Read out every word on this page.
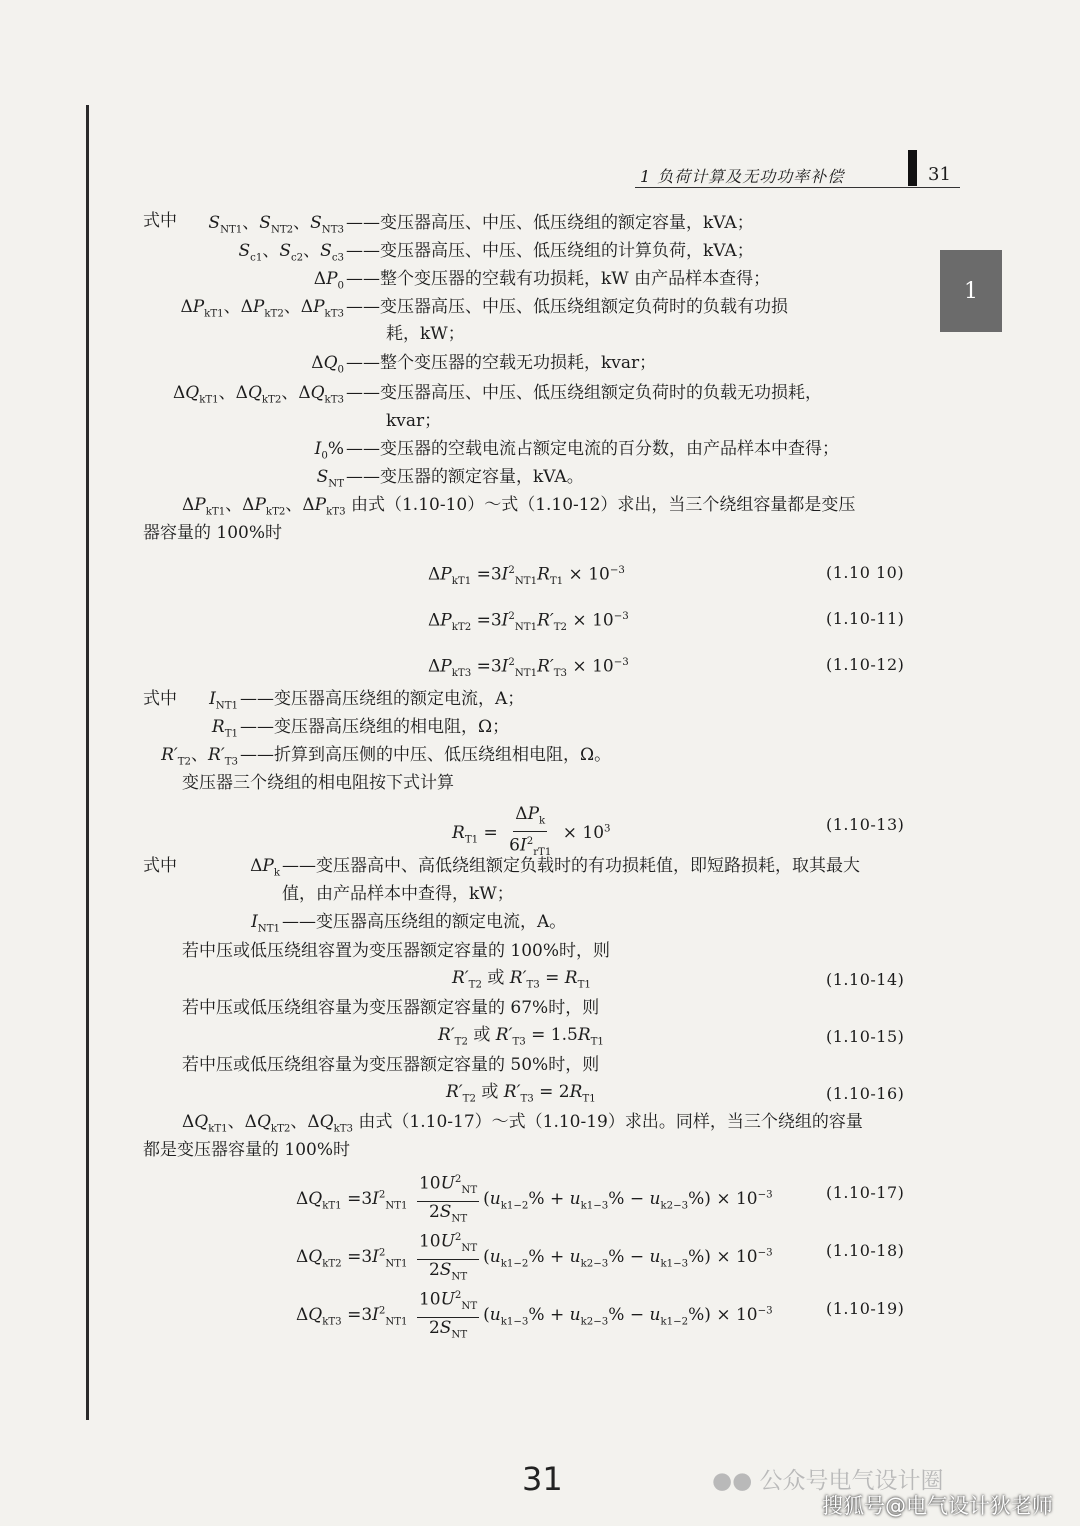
1 负荷计算及无功功率补偿	31
1
式中 $S_{NT1}$、$S_{NT2}$、$S_{NT3}$ ——变压器高压、中压、低压绕组的额定容量，kVA；
$S_{c1}$、$S_{c2}$、$S_{c3}$ ——变压器高压、中压、低压绕组的计算负荷，kVA；
$\Delta P_0$ ——整个变压器的空载有功损耗，kW 由产品样本查得；
$\Delta P_{kT1}$、$\Delta P_{kT2}$、$\Delta P_{kT3}$ ——变压器高压、中压、低压绕组额定负荷时的负载有功损
耗，kW；
$\Delta Q_0$ ——整个变压器的空载无功损耗，kvar；
$\Delta Q_{kT1}$、$\Delta Q_{kT2}$、$\Delta Q_{kT3}$ ——变压器高压、中压、低压绕组额定负荷时的负载无功损耗，
kvar；
$I_0\%$ ——变压器的空载电流占额定电流的百分数，由产品样本中查得；
$S_{NT}$ ——变压器的额定容量，kVA。
$\Delta P_{kT1}$、$\Delta P_{kT2}$、$\Delta P_{kT3}$ 由式（1.10-10）～式（1.10-12）求出，当三个绕组容量都是变压
器容量的 100%时
$\Delta P_{kT1} =3I^2_{NT1}R_{T1} \times 10^{-3}$	(1.10 10)
$\Delta P_{kT2} =3I^2_{NT1}R'_{T2} \times 10^{-3}$	(1.10-11)
$\Delta P_{kT3} =3I^2_{NT1}R'_{T3} \times 10^{-3}$	(1.10-12)
式中 $I_{NT1}$ ——变压器高压绕组的额定电流，A；
$R_{T1}$ ——变压器高压绕组的相电阻，Ω；
$R'_{T2}$、$R'_{T3}$ ——折算到高压侧的中压、低压绕组相电阻，Ω。
变压器三个绕组的相电阻按下式计算
$R_{T1} = \frac{\Delta P_k}{6I^2_{rT1}} \times 10^3$	(1.10-13)
式中	$\Delta P_k$ ——变压器高中、高低绕组额定负载时的有功损耗值，即短路损耗，取其最大
值，由产品样本中查得，kW；
$I_{NT1}$ ——变压器高压绕组的额定电流，A。
若中压或低压绕组容置为变压器额定容量的 100%时，则
$R'_{T2}$ 或 $R'_{T3} = R_{T1}$	(1.10-14)
若中压或低压绕组容量为变压器额定容量的 67%时，则
$R'_{T2}$ 或 $R'_{T3} = 1.5R_{T1}$	(1.10-15)
若中压或低压绕组容量为变压器额定容量的 50%时，则
$R'_{T2}$ 或 $R'_{T3} = 2R_{T1}$	(1.10-16)
$\Delta Q_{kT1}$、$\Delta Q_{kT2}$、$\Delta Q_{kT3}$ 由式（1.10-17）～式（1.10-19）求出。同样，当三个绕组的容量
都是变压器容量的 100%时
$\Delta Q_{kT1} =3I^2_{NT1} \frac{10U^2_{NT}}{2S_{NT}} (u_{k1-2}\% + u_{k1-3}\% - u_{k2-3}\%) \times 10^{-3}$	(1.10-17)
$\Delta Q_{kT2} =3I^2_{NT1} \frac{10U^2_{NT}}{2S_{NT}} (u_{k1-2}\% + u_{k2-3}\% - u_{k1-3}\%) \times 10^{-3}$	(1.10-18)
$\Delta Q_{kT3} =3I^2_{NT1} \frac{10U^2_{NT}}{2S_{NT}} (u_{k1-3}\% + u_{k2-3}\% - u_{k1-2}\%) \times 10^{-3}$	(1.10-19)
31	●● 公众号电气设计圈
搜狐号@电气设计狄老师
